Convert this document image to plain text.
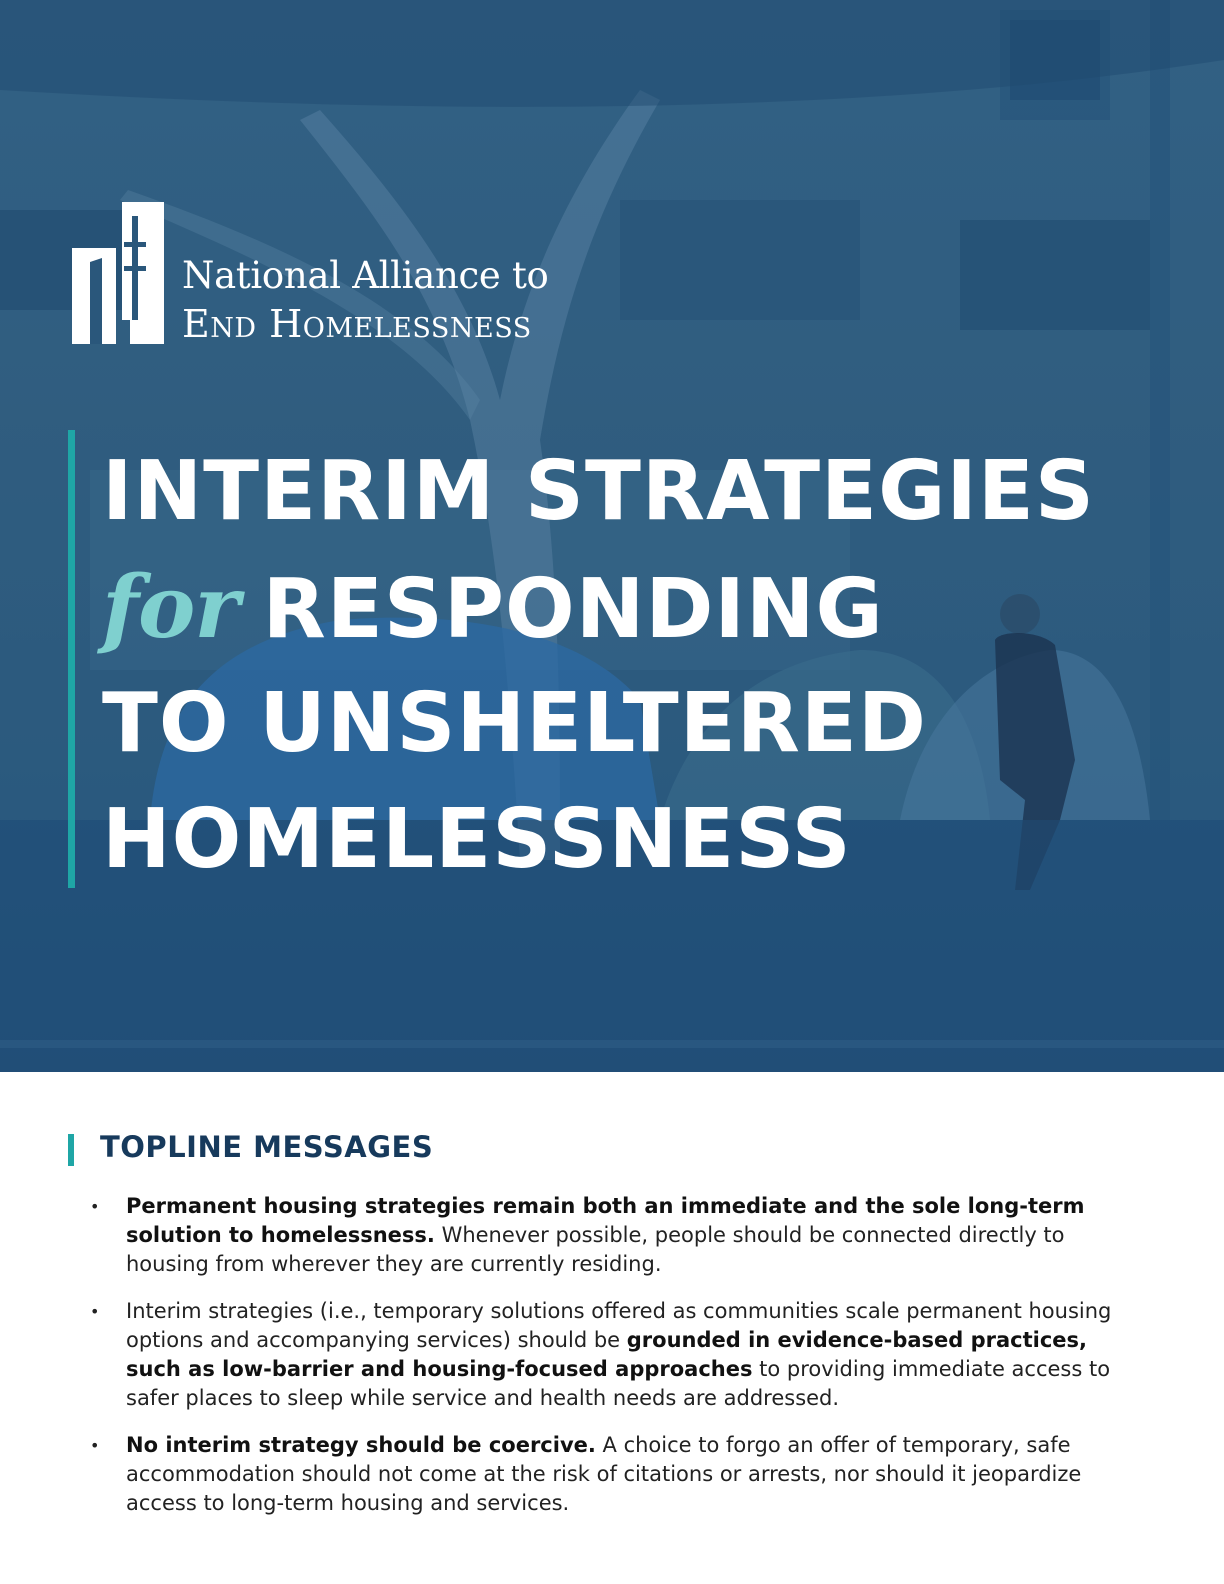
National Alliance to
End Homelessness
INTERIM STRATEGIES
for RESPONDING
TO UNSHELTERED
HOMELESSNESS
TOPLINE MESSAGES
• Permanent housing strategies remain both an immediate and the sole long-term solution to homelessness. Whenever possible, people should be connected directly to housing from wherever they are currently residing.
• Interim strategies (i.e., temporary solutions offered as communities scale permanent housing options and accompanying services) should be grounded in evidence-based practices, such as low-barrier and housing-focused approaches to providing immediate access to safer places to sleep while service and health needs are addressed.
• No interim strategy should be coercive. A choice to forgo an offer of temporary, safe accommodation should not come at the risk of citations or arrests, nor should it jeopardize access to long-term housing and services.
